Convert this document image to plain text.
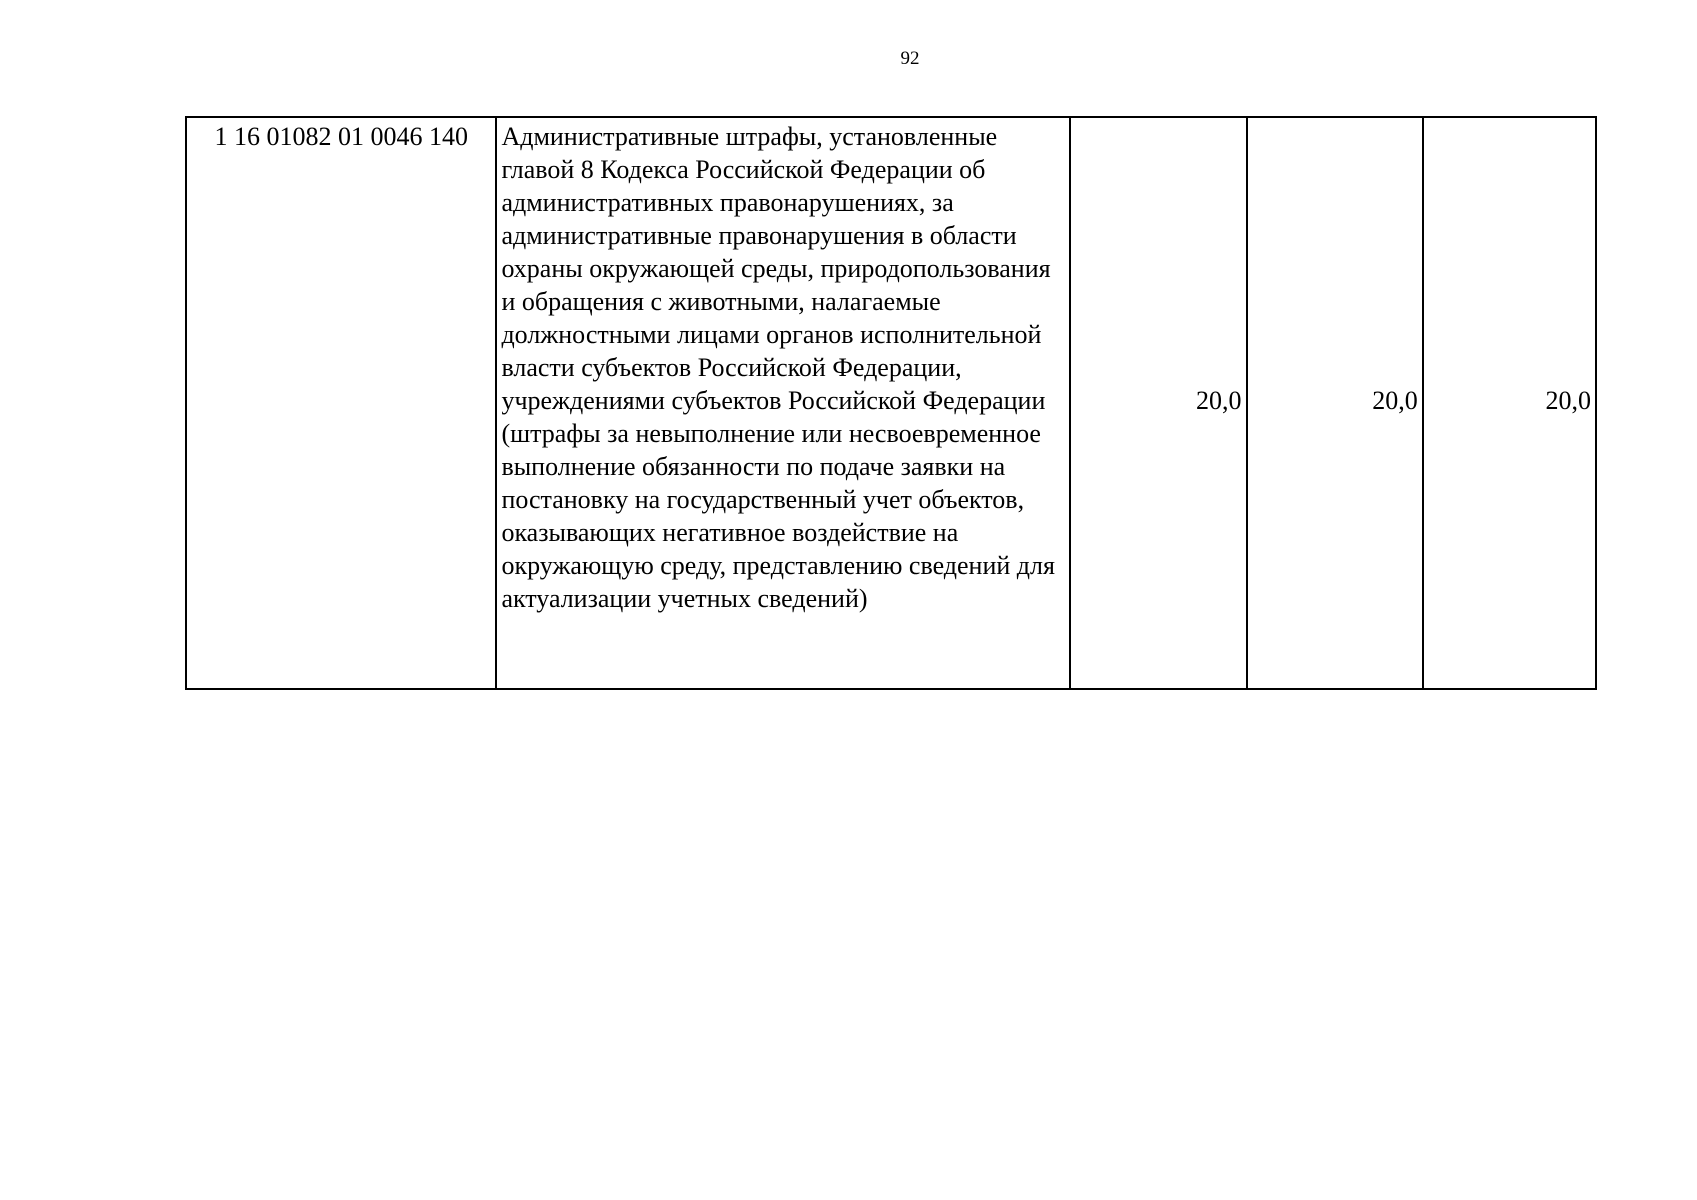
92
1 16 01082 01 0046 140	Административные штрафы, установленные главой 8 Кодекса Российской Федерации об административных правонарушениях, за административные правонарушения в области охраны окружающей среды, природопользования и обращения с животными, налагаемые должностными лицами органов исполнительной власти субъектов Российской Федерации, учреждениями субъектов Российской Федерации (штрафы за невыполнение или несвоевременное выполнение обязанности по подаче заявки на постановку на государственный учет объектов, оказывающих негативное воздействие на окружающую среду, представлению сведений для актуализации учетных сведений)	20,0	20,0	20,0
